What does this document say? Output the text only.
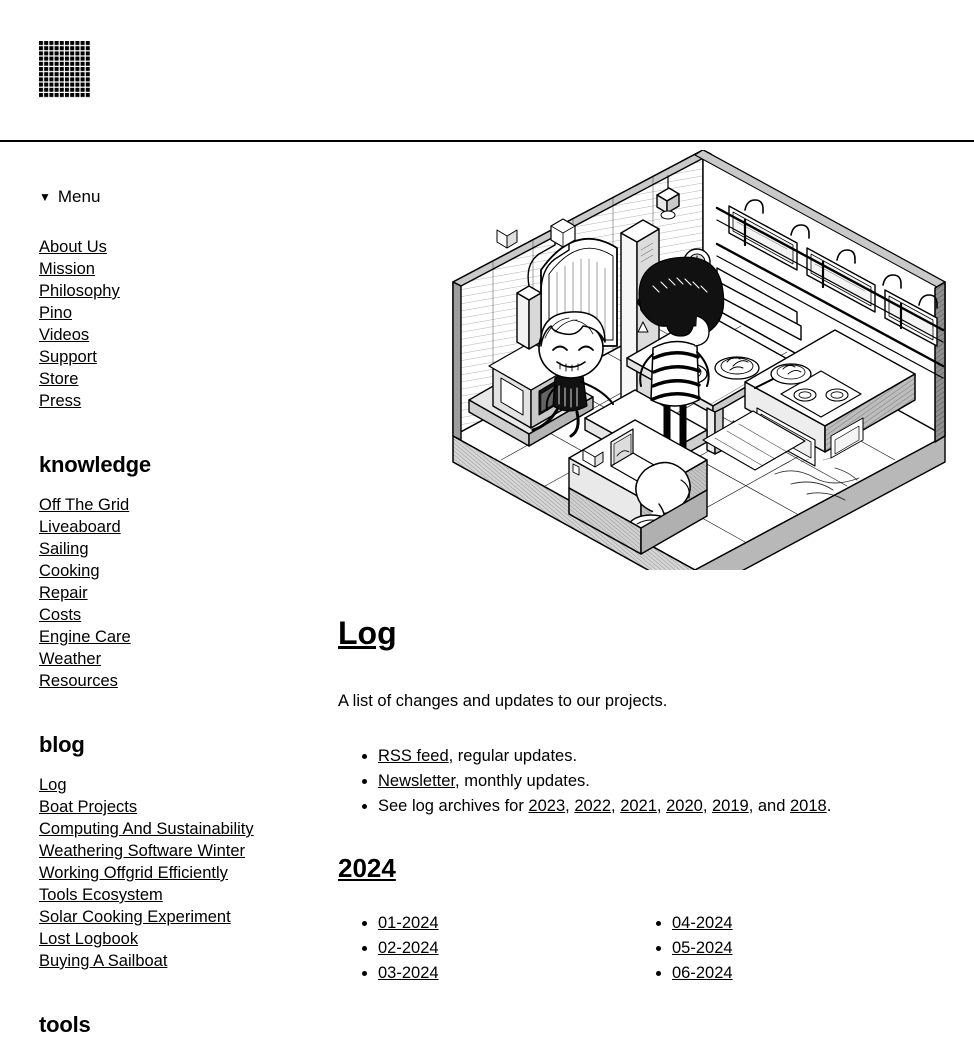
▼ Menu
About Us
Mission
Philosophy
Pino
Videos
Support
Store
Press
knowledge
Off The Grid
Liveaboard
Sailing
Cooking
Repair
Costs
Engine Care
Weather
Resources
blog
Log
Boat Projects
Computing And Sustainability
Weathering Software Winter
Working Offgrid Efficiently
Tools Ecosystem
Solar Cooking Experiment
Lost Logbook
Buying A Sailboat
tools
Log

A list of changes and updates to our projects.

• RSS feed, regular updates.
• Newsletter, monthly updates.
• See log archives for 2023, 2022, 2021, 2020, 2019, and 2018.
2024
• 01-2024
• 02-2024
• 03-2024
• 04-2024
• 05-2024
• 06-2024
